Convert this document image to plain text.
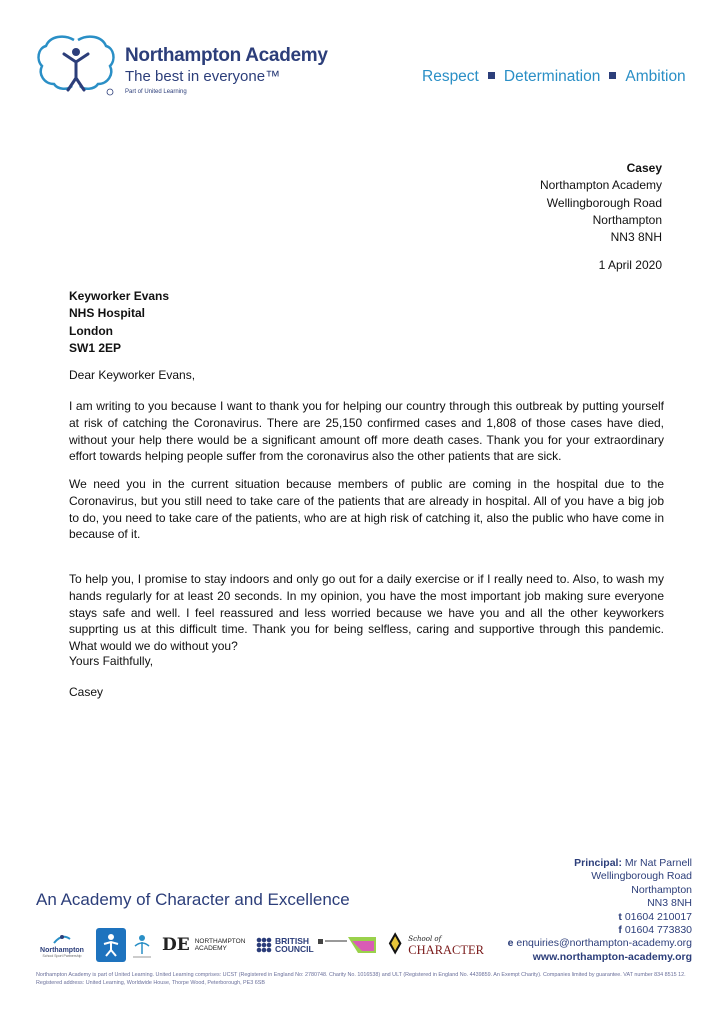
Northampton Academy
The best in everyone™
Part of United Learning
Respect Determination Ambition
Casey
Northampton Academy
Wellingborough Road
Northampton
NN3 8NH
1 April 2020
Keyworker Evans
NHS Hospital
London
SW1 2EP
Dear Keyworker Evans,
I am writing to you because I want to thank you for helping our country through this outbreak by putting yourself at risk of catching the Coronavirus. There are 25,150 confirmed cases and 1,808 of those cases have died, without your help there would be a significant amount off more death cases. Thank you for your extraordinary effort towards helping people suffer from the coronavirus also the other patients that are sick.
We need you in the current situation because members of public are coming in the hospital due to the Coronavirus, but you still need to take care of the patients that are already in hospital. All of you have a big job to do, you need to take care of the patients, who are at high risk of catching it, also the public who have come in because of it.
To help you, I promise to stay indoors and only go out for a daily exercise or if I really need to. Also, to wash my hands regularly for at least 20 seconds. In my opinion, you have the most important job making sure everyone stays safe and well. I feel reassured and less worried because we have you and all the other keyworkers supprting us at this difficult time. Thank you for being selfless, caring and supportive through this pandemic. What would we do without you?
Yours Faithfully,
Casey
An Academy of Character and Excellence
Principal: Mr Nat Parnell
Wellingborough Road
Northampton
NN3 8NH
t 01604 210017
f 01604 773830
e enquiries@northampton-academy.org
www.northampton-academy.org
Northampton
School Sport Partnership
DE NORTHAMPTON ACADEMY
BRITISH
COUNCIL
School of
CHARACTER
Northampton Academy is part of United Learning. United Learning comprises: UCST (Registered in England No: 2780748. Charity No. 1016538) and ULT (Registered in England No. 4439859. An Exempt Charity). Companies limited by guarantee. VAT number 834 8515 12. Registered address: United Learning, Worldwide House, Thorpe Wood, Peterborough, PE3 6SB
